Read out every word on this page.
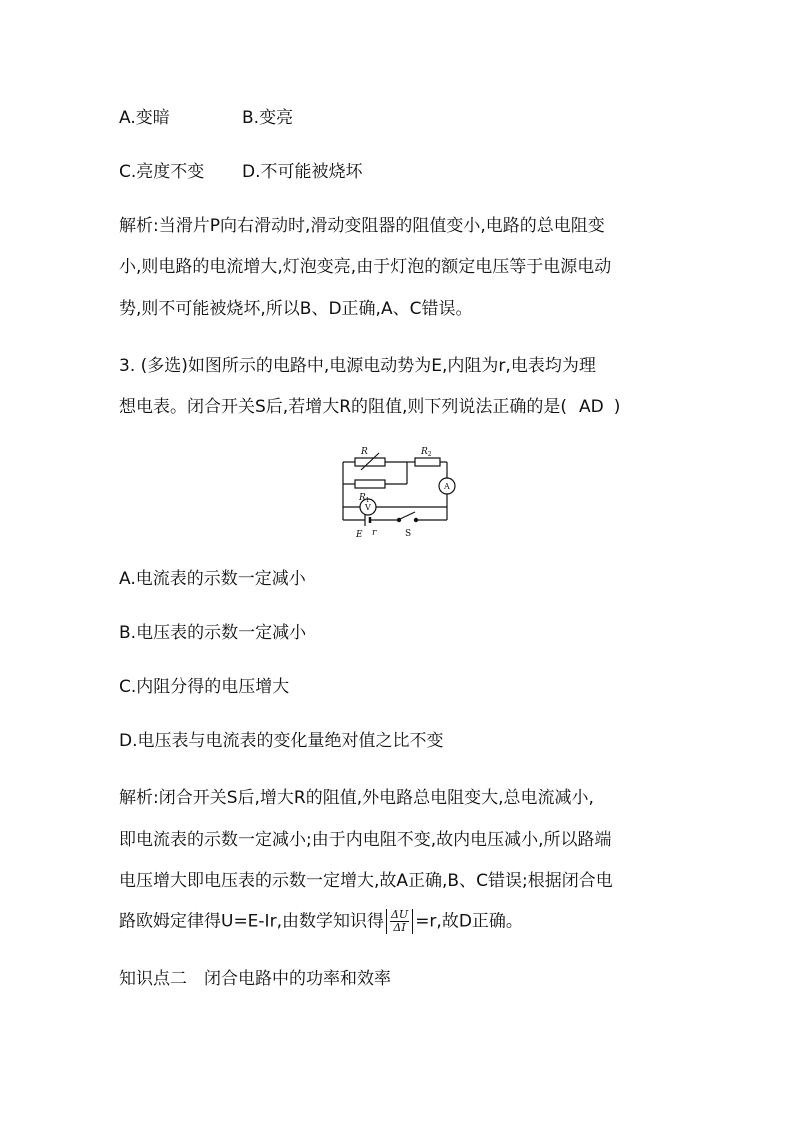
A.变暗	B.变亮
C.亮度不变 D.不可能被烧坏
解析:当滑片P向右滑动时,滑动变阻器的阻值变小,电路的总电阻变
小,则电路的电流增大,灯泡变亮,由于灯泡的额定电压等于电源电动
势,则不可能被烧坏,所以B、D正确,A、C错误。
3. (多选)如图所示的电路中,电源电动势为E,内阻为r,电表均为理
想电表。闭合开关S后,若增大R的阻值,则下列说法正确的是( AD )
R	$R_2$
$R_1$
V
A
E r	S
A.电流表的示数一定减小
B.电压表的示数一定减小
C.内阻分得的电压增大
D.电压表与电流表的变化量绝对值之比不变
解析:闭合开关S后,增大R的阻值,外电路总电阻变大,总电流减小,
即电流表的示数一定减小;由于内电阻不变,故内电压减小,所以路端
电压增大即电压表的示数一定增大,故A正确,B、C错误;根据闭合电
路欧姆定律得U=E-Ir,由数学知识得 $\frac{\Delta U}{\Delta I} =r$,故D正确。
知识点二　闭合电路中的功率和效率
